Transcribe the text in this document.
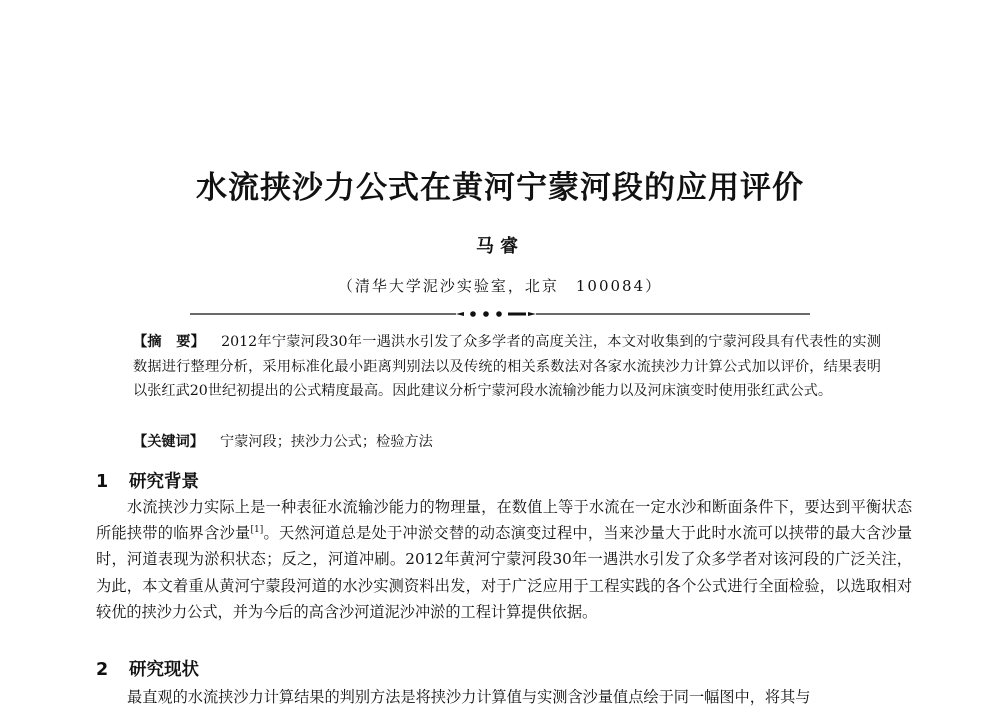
水流挟沙力公式在黄河宁蒙河段的应用评价
马睿
（清华大学泥沙实验室，北京　100084）
【摘　要】 2012年宁蒙河段30年一遇洪水引发了众多学者的高度关注，本文对收集到的宁蒙河段具有代表性的实测数据进行整理分析，采用标准化最小距离判别法以及传统的相关系数法对各家水流挟沙力计算公式加以评价，结果表明以张红武20世纪初提出的公式精度最高。因此建议分析宁蒙河段水流输沙能力以及河床演变时使用张红武公式。
【关键词】 宁蒙河段；挟沙力公式；检验方法
1 研究背景
水流挟沙力实际上是一种表征水流输沙能力的物理量，在数值上等于水流在一定水沙和断面条件下，要达到平衡状态所能挟带的临界含沙量[1]。天然河道总是处于冲淤交替的动态演变过程中，当来沙量大于此时水流可以挟带的最大含沙量时，河道表现为淤积状态；反之，河道冲刷。2012年黄河宁蒙河段30年一遇洪水引发了众多学者对该河段的广泛关注，为此，本文着重从黄河宁蒙段河道的水沙实测资料出发，对于广泛应用于工程实践的各个公式进行全面检验，以选取相对较优的挟沙力公式，并为今后的高含沙河道泥沙冲淤的工程计算提供依据。
2 研究现状
最直观的水流挟沙力计算结果的判别方法是将挟沙力计算值与实测含沙量值点绘于同一幅图中，将其与
